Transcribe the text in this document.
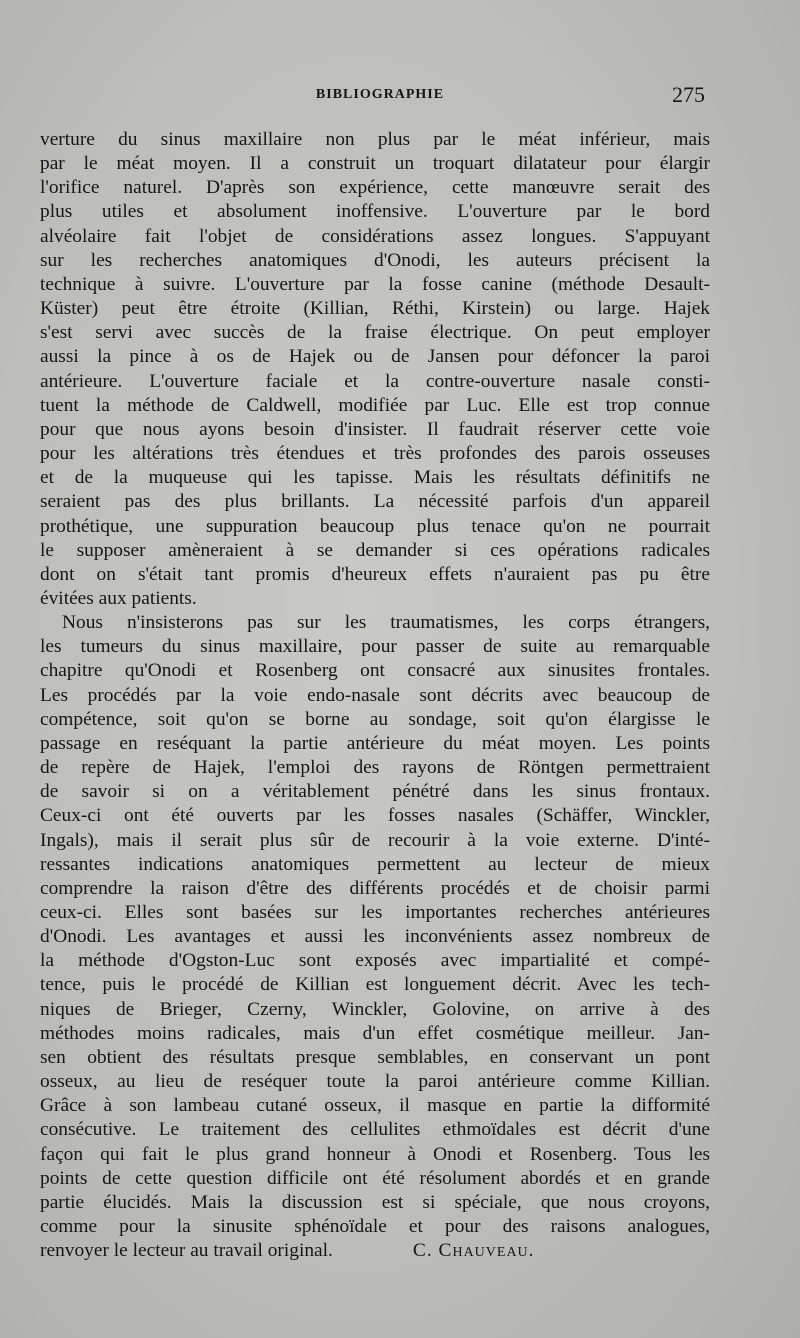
BIBLIOGRAPHIE	275

verture du sinus maxillaire non plus par le méat inférieur, mais
par le méat moyen. Il a construit un troquart dilatateur pour élargir
l'orifice naturel. D'après son expérience, cette manœuvre serait des
plus utiles et absolument inoffensive. L'ouverture par le bord
alvéolaire fait l'objet de considérations assez longues. S'appuyant
sur les recherches anatomiques d'Onodi, les auteurs précisent la
technique à suivre. L'ouverture par la fosse canine (méthode Desault-
Küster) peut être étroite (Killian, Réthi, Kirstein) ou large. Hajek
s'est servi avec succès de la fraise électrique. On peut employer
aussi la pince à os de Hajek ou de Jansen pour défoncer la paroi
antérieure. L'ouverture faciale et la contre-ouverture nasale consti-
tuent la méthode de Caldwell, modifiée par Luc. Elle est trop connue
pour que nous ayons besoin d'insister. Il faudrait réserver cette voie
pour les altérations très étendues et très profondes des parois osseuses
et de la muqueuse qui les tapisse. Mais les résultats définitifs ne
seraient pas des plus brillants. La nécessité parfois d'un appareil
prothétique, une suppuration beaucoup plus tenace qu'on ne pourrait
le supposer amèneraient à se demander si ces opérations radicales
dont on s'était tant promis d'heureux effets n'auraient pas pu être
évitées aux patients.

Nous n'insisterons pas sur les traumatismes, les corps étrangers,
les tumeurs du sinus maxillaire, pour passer de suite au remarquable
chapitre qu'Onodi et Rosenberg ont consacré aux sinusites frontales.
Les procédés par la voie endo-nasale sont décrits avec beaucoup de
compétence, soit qu'on se borne au sondage, soit qu'on élargisse le
passage en reséquant la partie antérieure du méat moyen. Les points
de repère de Hajek, l'emploi des rayons de Röntgen permettraient
de savoir si on a véritablement pénétré dans les sinus frontaux.
Ceux-ci ont été ouverts par les fosses nasales (Schäffer, Winckler,
Ingals), mais il serait plus sûr de recourir à la voie externe. D'inté-
ressantes indications anatomiques permettent au lecteur de mieux
comprendre la raison d'être des différents procédés et de choisir parmi
ceux-ci. Elles sont basées sur les importantes recherches antérieures
d'Onodi. Les avantages et aussi les inconvénients assez nombreux de
la méthode d'Ogston-Luc sont exposés avec impartialité et compé-
tence, puis le procédé de Killian est longuement décrit. Avec les tech-
niques de Brieger, Czerny, Winckler, Golovine, on arrive à des
méthodes moins radicales, mais d'un effet cosmétique meilleur. Jan-
sen obtient des résultats presque semblables, en conservant un pont
osseux, au lieu de reséquer toute la paroi antérieure comme Killian.
Grâce à son lambeau cutané osseux, il masque en partie la difformité
consécutive. Le traitement des cellulites ethmoïdales est décrit d'une
façon qui fait le plus grand honneur à Onodi et Rosenberg. Tous les
points de cette question difficile ont été résolument abordés et en grande
partie élucidés. Mais la discussion est si spéciale, que nous croyons,
comme pour la sinusite sphénoïdale et pour des raisons analogues,
renvoyer le lecteur au travail original.	C. Chauveau.
